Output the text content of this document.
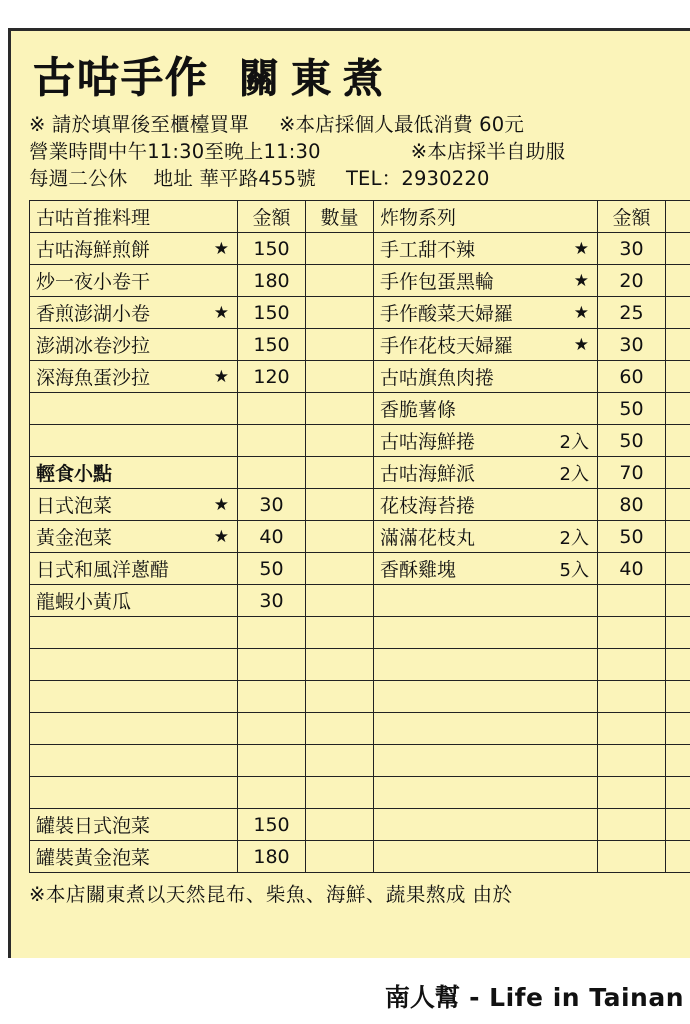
古咕手作 關東煮
※ 請於填單後至櫃檯買單 ※本店採個人最低消費 60元
營業時間中午11:30至晚上11:30	※本店採半自助服
每週二公休 地址 華平路455號 TEL：2930220
古咕首推料理	金額	數量	炸物系列	金額	
古咕海鮮煎餅 ★	150		手工甜不辣 ★	30	
炒一夜小卷干	180		手作包蛋黑輪 ★	20	
香煎澎湖小卷 ★	150		手作酸菜天婦羅 ★	25	
澎湖冰卷沙拉	150		手作花枝天婦羅 ★	30	
深海魚蛋沙拉 ★	120		古咕旗魚肉捲	60	
			香脆薯條	50	
			古咕海鮮捲 2入	50	
輕食小點			古咕海鮮派 2入	70	
日式泡菜 ★	30		花枝海苔捲	80	
黃金泡菜 ★	40		滿滿花枝丸 2入	50	
日式和風洋蔥醋	50		香酥雞塊 5入	40	
龍蝦小黃瓜	30				

罐裝日式泡菜	150				
罐裝黃金泡菜	180				
※本店關東煮以天然昆布、柴魚、海鮮、蔬果熬成 由於
南人幫 - Life in Tainan
